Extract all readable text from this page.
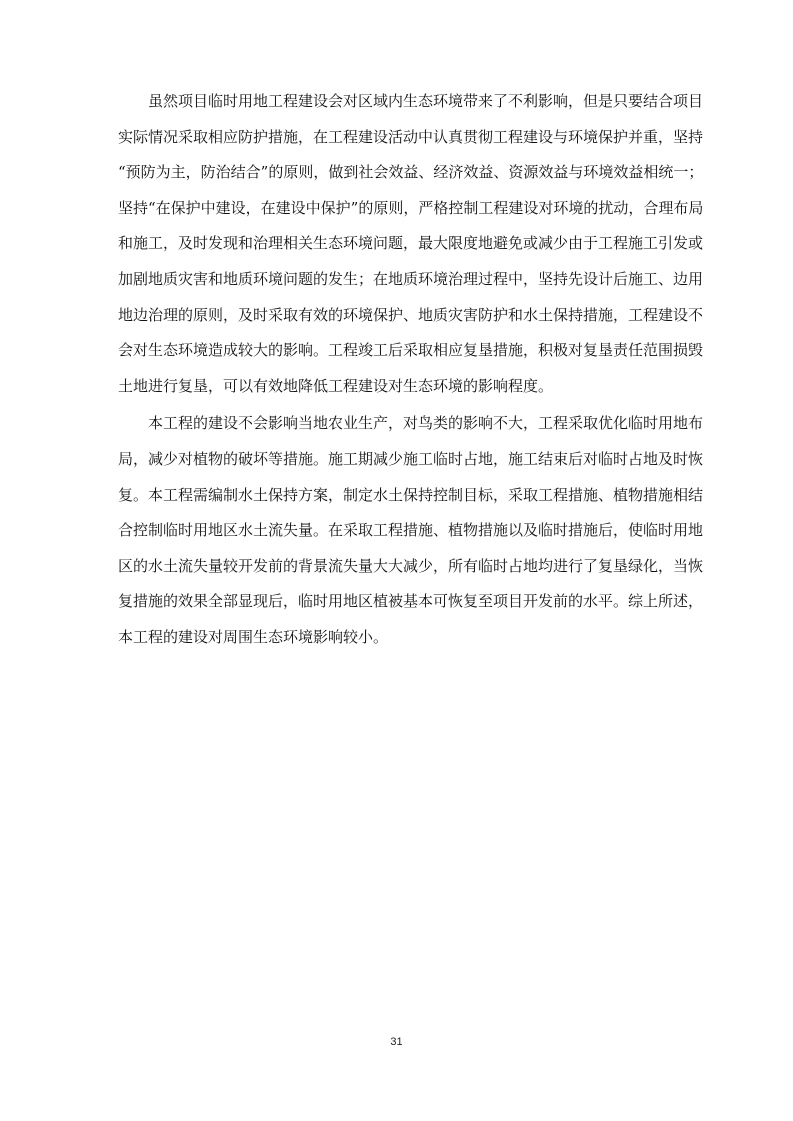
虽然项目临时用地工程建设会对区域内生态环境带来了不利影响，但是只要结合项目
实际情况采取相应防护措施，在工程建设活动中认真贯彻工程建设与环境保护并重，坚持
“预防为主，防治结合”的原则，做到社会效益、经济效益、资源效益与环境效益相统一；
坚持“在保护中建设，在建设中保护”的原则，严格控制工程建设对环境的扰动，合理布局
和施工，及时发现和治理相关生态环境问题，最大限度地避免或减少由于工程施工引发或
加剧地质灾害和地质环境问题的发生；在地质环境治理过程中，坚持先设计后施工、边用
地边治理的原则，及时采取有效的环境保护、地质灾害防护和水土保持措施，工程建设不
会对生态环境造成较大的影响。工程竣工后采取相应复垦措施，积极对复垦责任范围损毁
土地进行复垦，可以有效地降低工程建设对生态环境的影响程度。
本工程的建设不会影响当地农业生产，对鸟类的影响不大，工程采取优化临时用地布
局，减少对植物的破坏等措施。施工期减少施工临时占地，施工结束后对临时占地及时恢
复。本工程需编制水土保持方案，制定水土保持控制目标，采取工程措施、植物措施相结
合控制临时用地区水土流失量。在采取工程措施、植物措施以及临时措施后，使临时用地
区的水土流失量较开发前的背景流失量大大减少，所有临时占地均进行了复垦绿化，当恢
复措施的效果全部显现后，临时用地区植被基本可恢复至项目开发前的水平。综上所述，
本工程的建设对周围生态环境影响较小。
31
